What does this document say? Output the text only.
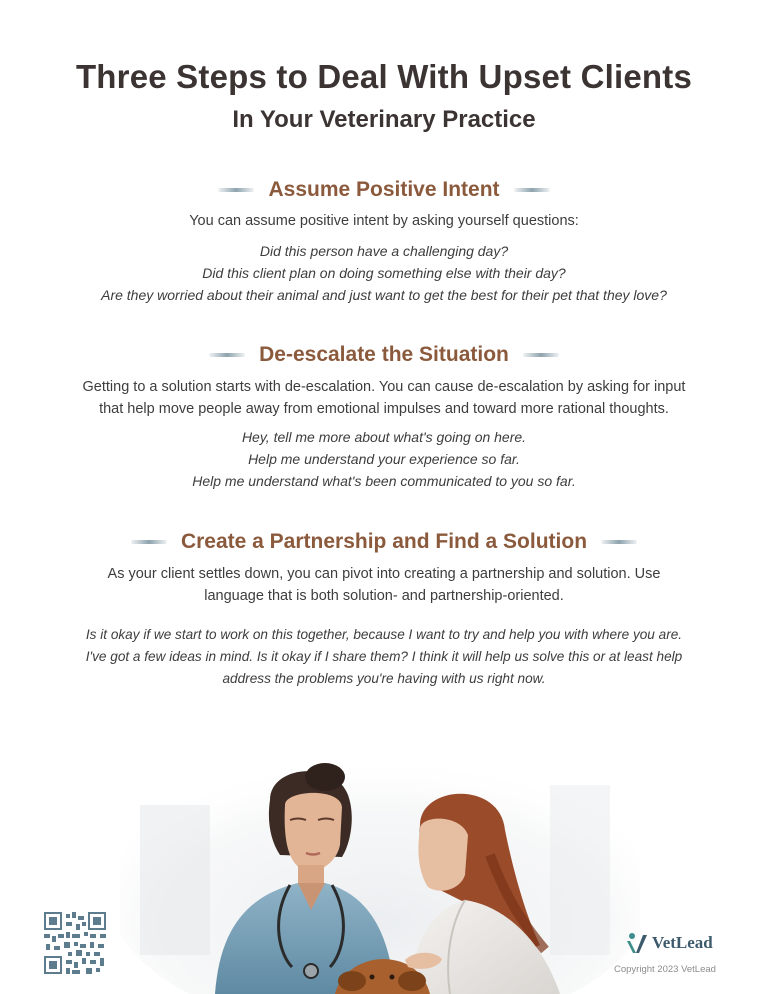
Three Steps to Deal With Upset Clients
In Your Veterinary Practice
Assume Positive Intent
You can assume positive intent by asking yourself questions:
Did this person have a challenging day?
Did this client plan on doing something else with their day?
Are they worried about their animal and just want to get the best for their pet that they love?
De-escalate the Situation
Getting to a solution starts with de-escalation. You can cause de-escalation by asking for input
that help move people away from emotional impulses and toward more rational thoughts.
Hey, tell me more about what's going on here.
Help me understand your experience so far.
Help me understand what's been communicated to you so far.
Create a Partnership and Find a Solution
As your client settles down, you can pivot into creating a partnership and solution. Use
language that is both solution- and partnership-oriented.
Is it okay if we start to work on this together, because I want to try and help you with where you are.
I've got a few ideas in mind. Is it okay if I share them? I think it will help us solve this or at least help
address the problems you're having with us right now.
VetLead
Copyright 2023 VetLead
